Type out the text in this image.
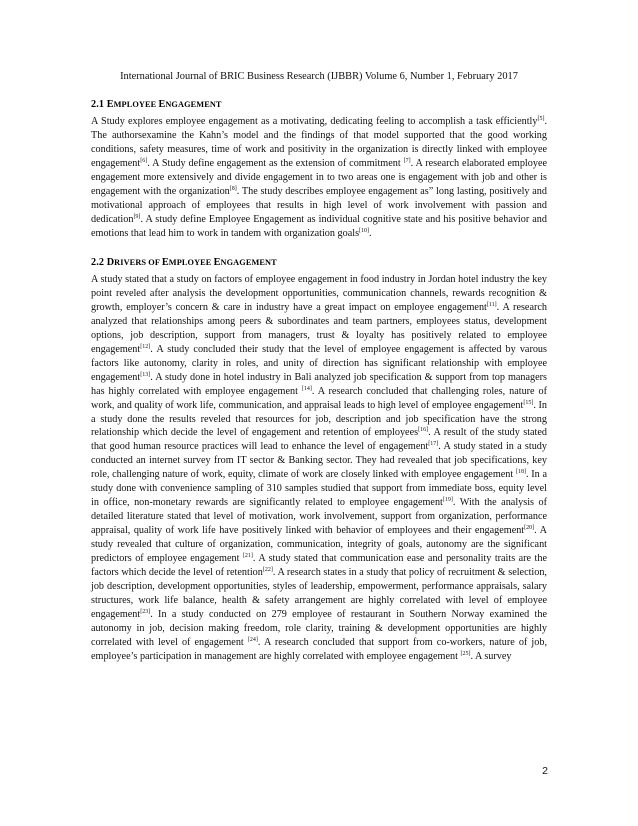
International Journal of BRIC Business Research (IJBBR) Volume 6, Number 1, February 2017
2.1 EMPLOYEE ENGAGEMENT

A Study explores employee engagement as a motivating, dedicating feeling to accomplish a task efficiently[5]. The authorsexamine the Kahn’s model and the findings of that model supported that the good working conditions, safety measures, time of work and positivity in the organization is directly linked with employee engagement[6]. A Study define engagement as the extension of commitment [7]. A research elaborated employee engagement more extensively and divide engagement in to two areas one is engagement with job and other is engagement with the organization[8]. The study describes employee engagement as” long lasting, positively and motivational approach of employees that results in high level of work involvement with passion and dedication[9]. A study define Employee Engagement as individual cognitive state and his positive behavior and emotions that lead him to work in tandem with organization goals[10].

2.2 DRIVERS OF EMPLOYEE ENGAGEMENT

A study stated that a study on factors of employee engagement in food industry in Jordan hotel industry the key point reveled after analysis the development opportunities, communication channels, rewards recognition & growth, employer’s concern & care in industry have a great impact on employee engagement[11]. A research analyzed that relationships among peers & subordinates and team partners, employees status, development options, job description, support from managers, trust & loyalty has positively related to employee engagement[12]. A study concluded their study that the level of employee engagement is affected by varous factors like autonomy, clarity in roles, and unity of direction has significant relationship with employee engagement[13]. A study done in hotel industry in Bali analyzed job specification & support from top managers has highly correlated with employee engagement [14]. A research concluded that challenging roles, nature of work, and quality of work life, communication, and appraisal leads to high level of employee engagement[15]. In a study done the results reveled that resources for job, description and job specification have the strong relationship which decide the level of engagement and retention of employees[16]. A result of the study stated that good human resource practices will lead to enhance the level of engagement[17]. A study stated in a study conducted an internet survey from IT sector & Banking sector. They had revealed that job specifications, key role, challenging nature of work, equity, climate of work are closely linked with employee engagement [18]. In a study done with convenience sampling of 310 samples studied that support from immediate boss, equity level in office, non-monetary rewards are significantly related to employee engagement[19]. With the analysis of detailed literature stated that level of motivation, work involvement, support from organization, performance appraisal, quality of work life have positively linked with behavior of employees and their engagement[20]. A study revealed that culture of organization, communication, integrity of goals, autonomy are the significant predictors of employee engagement [21]. A study stated that communication ease and personality traits are the factors which decide the level of retention[22]. A research states in a study that policy of recruitment & selection, job description, development opportunities, styles of leadership, empowerment, performance appraisals, salary structures, work life balance, health & safety arrangement are highly correlated with level of employee engagement[23]. In a study conducted on 279 employee of restaurant in Southern Norway examined the autonomy in job, decision making freedom, role clarity, training & development opportunities are highly correlated with level of engagement [24]. A research concluded that support from co-workers, nature of job, employee’s participation in management are highly correlated with employee engagement [25]. A survey

2
